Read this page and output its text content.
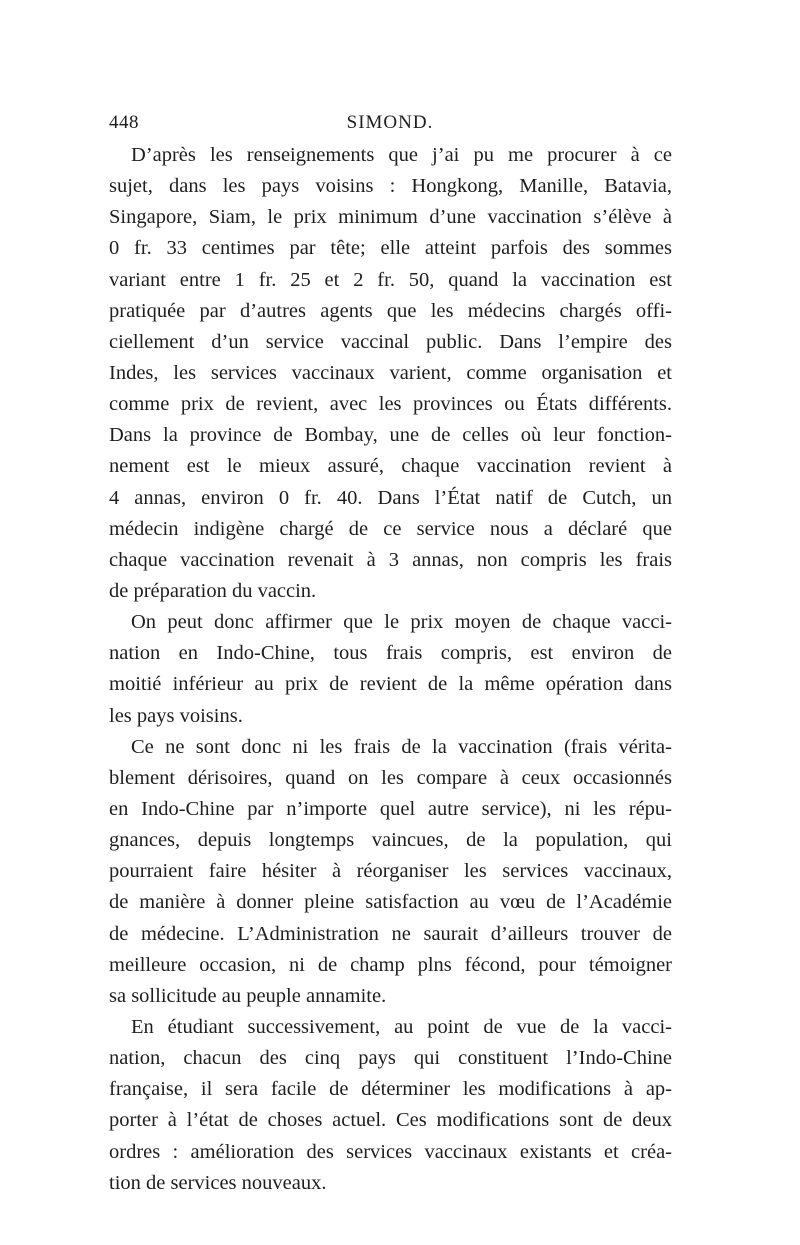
448	SIMOND.
D’après les renseignements que j’ai pu me procurer à ce
sujet, dans les pays voisins : Hongkong, Manille, Batavia,
Singapore, Siam, le prix minimum d’une vaccination s’élève à
0 fr. 33 centimes par tête; elle atteint parfois des sommes
variant entre 1 fr. 25 et 2 fr. 50, quand la vaccination est
pratiquée par d’autres agents que les médecins chargés offi-
ciellement d’un service vaccinal public. Dans l’empire des
Indes, les services vaccinaux varient, comme organisation et
comme prix de revient, avec les provinces ou États différents.
Dans la province de Bombay, une de celles où leur fonction-
nement est le mieux assuré, chaque vaccination revient à
4 annas, environ 0 fr. 40. Dans l’État natif de Cutch, un
médecin indigène chargé de ce service nous a déclaré que
chaque vaccination revenait à 3 annas, non compris les frais
de préparation du vaccin.
On peut donc affirmer que le prix moyen de chaque vacci-
nation en Indo-Chine, tous frais compris, est environ de
moitié inférieur au prix de revient de la même opération dans
les pays voisins.
Ce ne sont donc ni les frais de la vaccination (frais vérita-
blement dérisoires, quand on les compare à ceux occasionnés
en Indo-Chine par n’importe quel autre service), ni les répu-
gnances, depuis longtemps vaincues, de la population, qui
pourraient faire hésiter à réorganiser les services vaccinaux,
de manière à donner pleine satisfaction au vœu de l’Académie
de médecine. L’Administration ne saurait d’ailleurs trouver de
meilleure occasion, ni de champ plns fécond, pour témoigner
sa sollicitude au peuple annamite.
En étudiant successivement, au point de vue de la vacci-
nation, chacun des cinq pays qui constituent l’Indo-Chine
française, il sera facile de déterminer les modifications à ap-
porter à l’état de choses actuel. Ces modifications sont de deux
ordres : amélioration des services vaccinaux existants et créa-
tion de services nouveaux.
